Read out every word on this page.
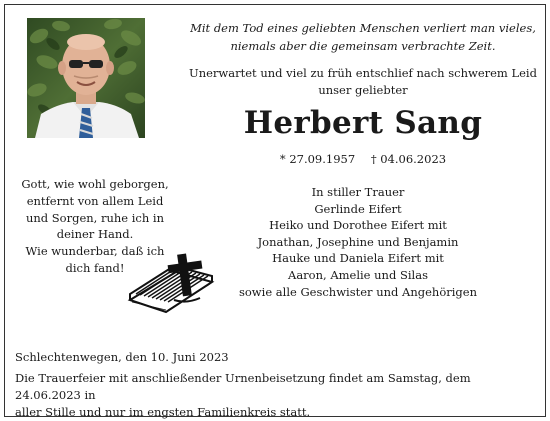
Mit dem Tod eines geliebten Menschen verliert man vieles,
niemals aber die gemeinsam verbrachte Zeit.
Unerwartet und viel zu früh entschlief nach schwerem Leid
unser geliebter
Herbert Sang
* 27.09.1957 † 04.06.2023
Gott, wie wohl geborgen,
entfernt von allem Leid
und Sorgen, ruhe ich in
deiner Hand.
Wie wunderbar, daß ich
dich fand!
In stiller Trauer
Gerlinde Eifert
Heiko und Dorothee Eifert mit
Jonathan, Josephine und Benjamin
Hauke und Daniela Eifert mit
Aaron, Amelie und Silas
sowie alle Geschwister und Angehörigen
Schlechtenwegen, den 10. Juni 2023
Die Trauerfeier mit anschließender Urnenbeisetzung findet am Samstag, dem 24.06.2023 in
aller Stille und nur im engsten Familienkreis statt.
